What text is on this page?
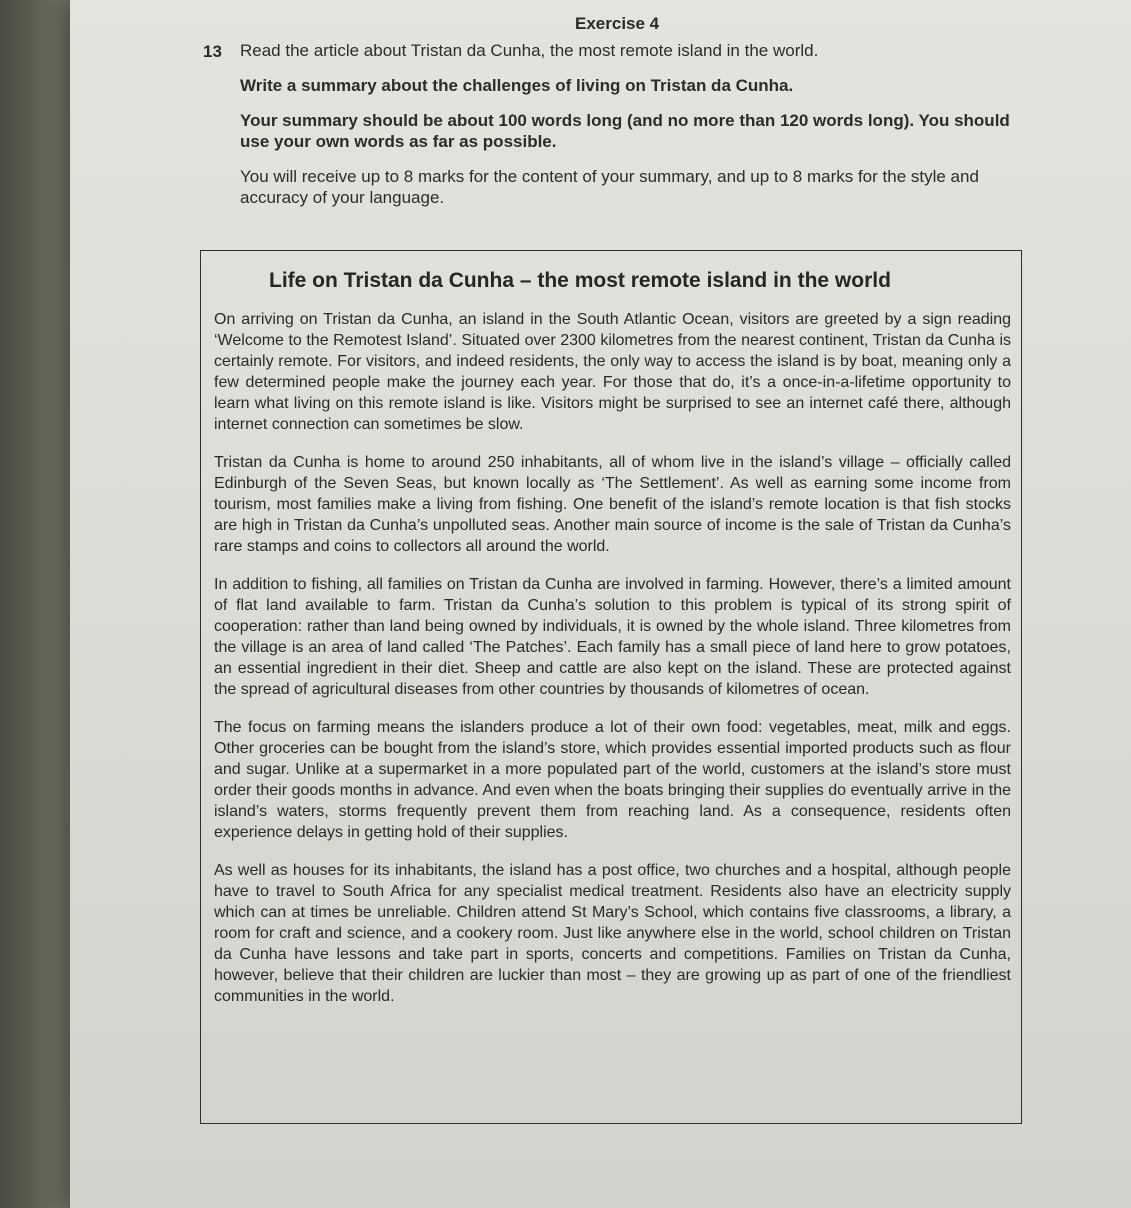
Exercise 4
13 Read the article about Tristan da Cunha, the most remote island in the world.

Write a summary about the challenges of living on Tristan da Cunha.

Your summary should be about 100 words long (and no more than 120 words long). You should use your own words as far as possible.

You will receive up to 8 marks for the content of your summary, and up to 8 marks for the style and accuracy of your language.

Life on Tristan da Cunha – the most remote island in the world

On arriving on Tristan da Cunha, an island in the South Atlantic Ocean, visitors are greeted by a sign reading ‘Welcome to the Remotest Island’. Situated over 2300 kilometres from the nearest continent, Tristan da Cunha is certainly remote. For visitors, and indeed residents, the only way to access the island is by boat, meaning only a few determined people make the journey each year. For those that do, it’s a once-in-a-lifetime opportunity to learn what living on this remote island is like. Visitors might be surprised to see an internet café there, although internet connection can sometimes be slow.

Tristan da Cunha is home to around 250 inhabitants, all of whom live in the island’s village – officially called Edinburgh of the Seven Seas, but known locally as ‘The Settlement’. As well as earning some income from tourism, most families make a living from fishing. One benefit of the island’s remote location is that fish stocks are high in Tristan da Cunha’s unpolluted seas. Another main source of income is the sale of Tristan da Cunha’s rare stamps and coins to collectors all around the world.

In addition to fishing, all families on Tristan da Cunha are involved in farming. However, there’s a limited amount of flat land available to farm. Tristan da Cunha’s solution to this problem is typical of its strong spirit of cooperation: rather than land being owned by individuals, it is owned by the whole island. Three kilometres from the village is an area of land called ‘The Patches’. Each family has a small piece of land here to grow potatoes, an essential ingredient in their diet. Sheep and cattle are also kept on the island. These are protected against the spread of agricultural diseases from other countries by thousands of kilometres of ocean.

The focus on farming means the islanders produce a lot of their own food: vegetables, meat, milk and eggs. Other groceries can be bought from the island’s store, which provides essential imported products such as flour and sugar. Unlike at a supermarket in a more populated part of the world, customers at the island’s store must order their goods months in advance. And even when the boats bringing their supplies do eventually arrive in the island’s waters, storms frequently prevent them from reaching land. As a consequence, residents often experience delays in getting hold of their supplies.

As well as houses for its inhabitants, the island has a post office, two churches and a hospital, although people have to travel to South Africa for any specialist medical treatment. Residents also have an electricity supply which can at times be unreliable. Children attend St Mary’s School, which contains five classrooms, a library, a room for craft and science, and a cookery room. Just like anywhere else in the world, school children on Tristan da Cunha have lessons and take part in sports, concerts and competitions. Families on Tristan da Cunha, however, believe that their children are luckier than most – they are growing up as part of one of the friendliest communities in the world.
